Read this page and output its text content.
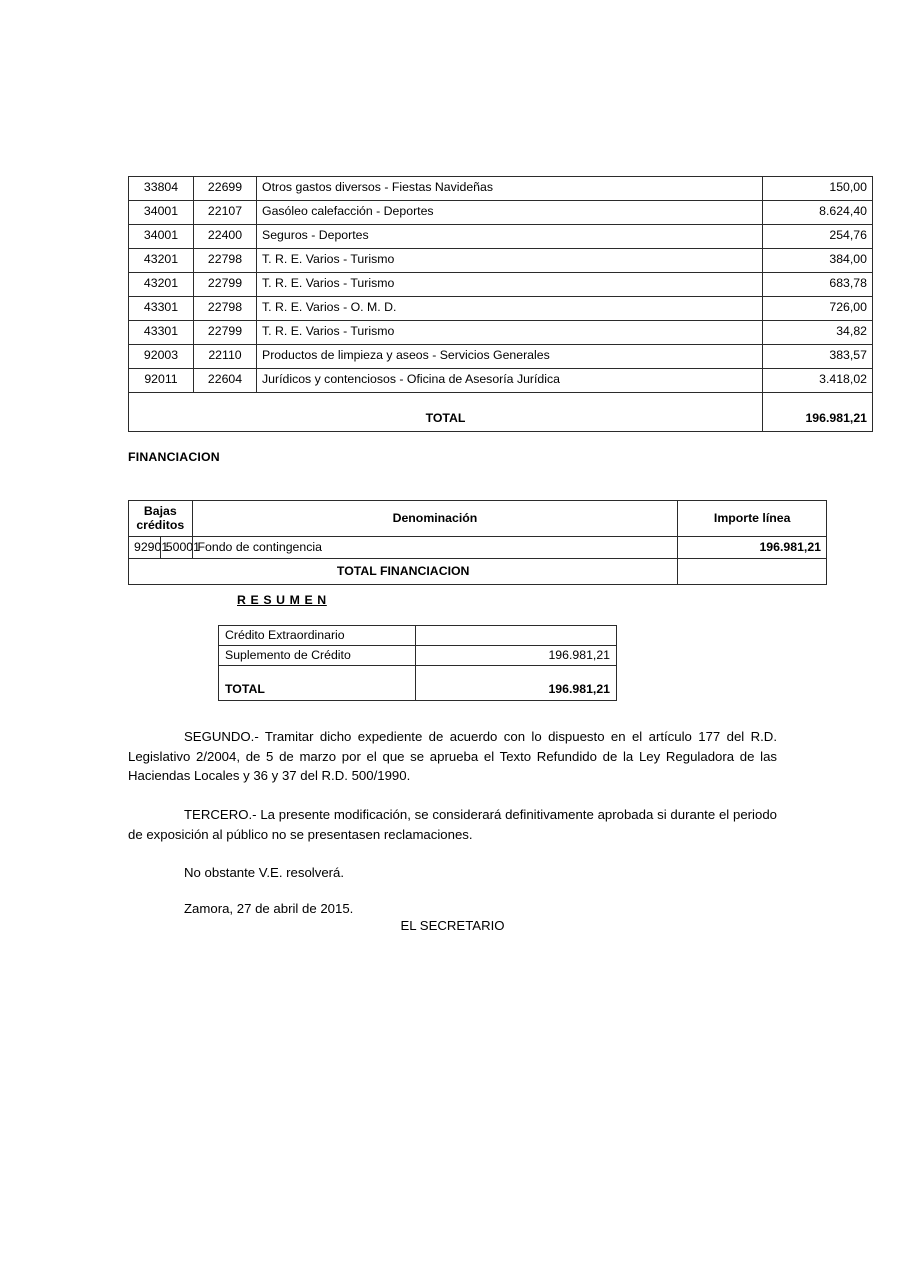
33804	22699	Otros gastos diversos - Fiestas Navideñas	150,00
34001	22107	Gasóleo calefacción - Deportes	8.624,40
34001	22400	Seguros - Deportes	254,76
43201	22798	T. R. E. Varios - Turismo	384,00
43201	22799	T. R. E. Varios - Turismo	683,78
43301	22798	T. R. E. Varios - O. M. D.	726,00
43301	22799	T. R. E. Varios - Turismo	34,82
92003	22110	Productos de limpieza y aseos - Servicios Generales	383,57
92011	22604	Jurídicos y contenciosos - Oficina de Asesoría Jurídica	3.418,02
TOTAL			196.981,21
FINANCIACION
Bajas créditos		Denominación	Importe línea
92901	50001	Fondo de contingencia	196.981,21
TOTAL FINANCIACION			
R E S U M E N
Crédito Extraordinario	
Suplemento de Crédito	196.981,21
TOTAL	196.981,21

SEGUNDO.- Tramitar dicho expediente de acuerdo con lo dispuesto en el artículo 177 del R.D. Legislativo 2/2004, de 5 de marzo por el que se aprueba el Texto Refundido de la Ley Reguladora de las Haciendas Locales y 36 y 37 del R.D. 500/1990.

TERCERO.- La presente modificación, se considerará definitivamente aprobada si durante el periodo de exposición al público no se presentasen reclamaciones.

No obstante V.E. resolverá.

Zamora, 27 de abril de 2015.

EL SECRETARIO
